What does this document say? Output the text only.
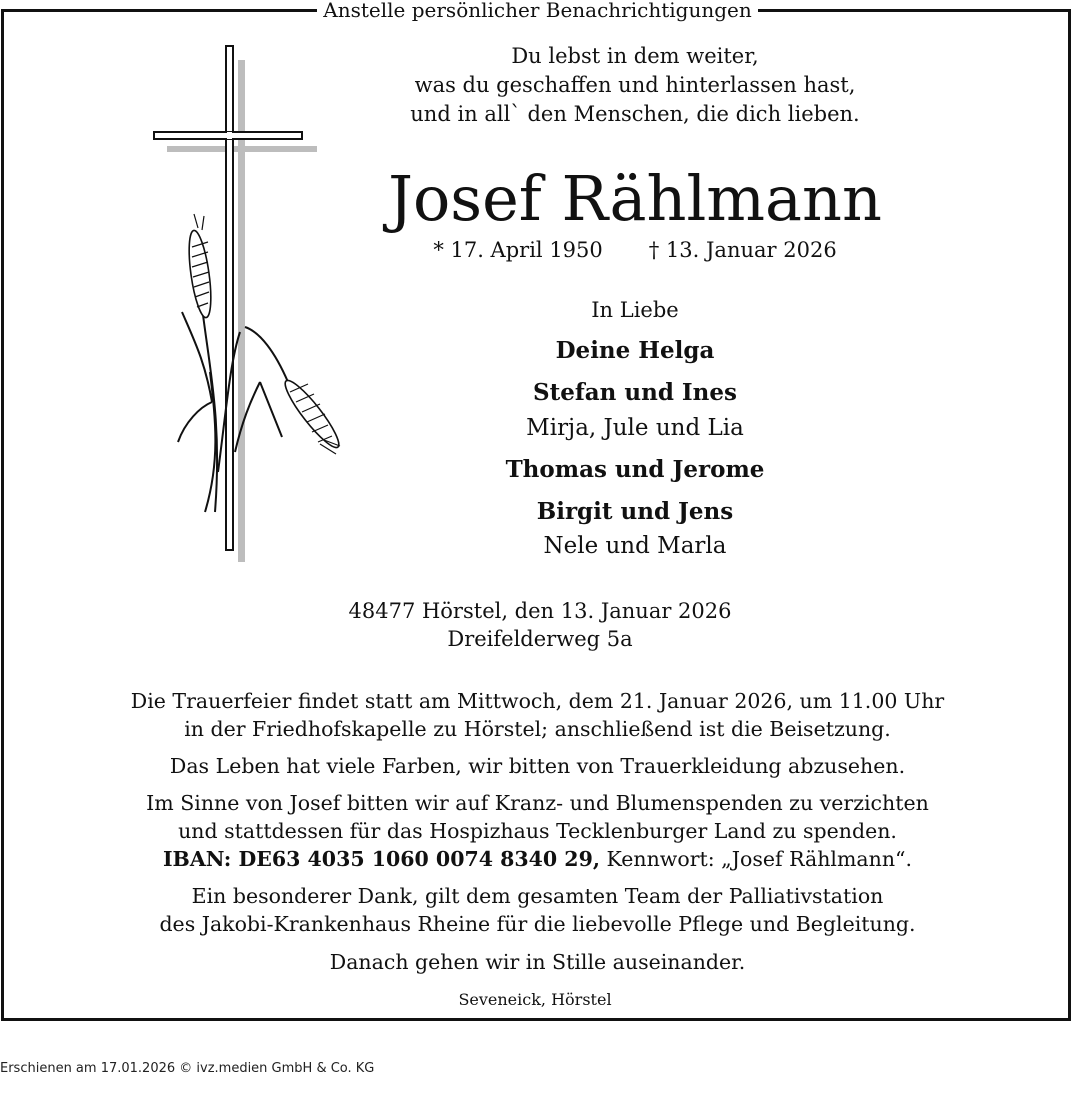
Anstelle persönlicher Benachrichtigungen
Du lebst in dem weiter,
was du geschaffen und hinterlassen hast,
und in all` den Menschen, die dich lieben.
Josef Rählmann
* 17. April 1950 † 13. Januar 2026
In Liebe
Deine Helga
Stefan und Ines
Mirja, Jule und Lia
Thomas und Jerome
Birgit und Jens
Nele und Marla
48477 Hörstel, den 13. Januar 2026
Dreifelderweg 5a
Die Trauerfeier findet statt am Mittwoch, dem 21. Januar 2026, um 11.00 Uhr
in der Friedhofskapelle zu Hörstel; anschließend ist die Beisetzung.
Das Leben hat viele Farben, wir bitten von Trauerkleidung abzusehen.
Im Sinne von Josef bitten wir auf Kranz- und Blumenspenden zu verzichten
und stattdessen für das Hospizhaus Tecklenburger Land zu spenden.
IBAN: DE63 4035 1060 0074 8340 29, Kennwort: „Josef Rählmann“.
Ein besonderer Dank, gilt dem gesamten Team der Palliativstation
des Jakobi-Krankenhaus Rheine für die liebevolle Pflege und Begleitung.
Danach gehen wir in Stille auseinander.
Seveneick, Hörstel
Erschienen am 17.01.2026 © ivz.medien GmbH & Co. KG
